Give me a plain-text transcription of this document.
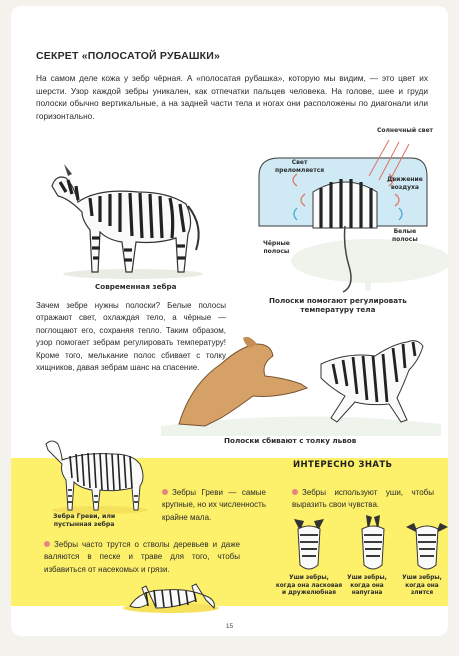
СЕКРЕТ «ПОЛОСАТОЙ РУБАШКИ»
На самом деле кожа у зебр чёрная. А «полосатая рубашка», которую мы видим, — это цвет их шерсти. Узор каждой зебры уникален, как отпечатки пальцев человека. На голове, шее и груди полоски обычно вертикальные, а на задней части тела и ногах они расположены по диагонали или горизонтально.
Современная зебра
Солнечный свет
Свет
преломляется
Движение
воздуха
Белые
полосы
Чёрные
полосы
Полоски помогают регулировать
температуру тела
Зачем зебре нужны полоски? Белые полосы отражают свет, охлаждая тело, а чёрные — поглощают его, сохраняя тепло. Таким образом, узор помогает зебрам регулировать температуру! Кроме того, мелькание полос сбивает с толку хищников, давая зебрам шанс на спасение.
Полоски сбивают с толку львов
ИНТЕРЕСНО ЗНАТЬ
Зебра Греви, или
пустынная зебра
Зебры Греви — самые крупные, но их численность крайне мала.
Зебры часто трутся о стволы деревьев и даже валяются в песке и траве для того, чтобы избавиться от насекомых и грязи.
Зебры используют уши, чтобы выразить свои чувства.
Уши зебры,
когда она ласковая
и дружелюбная
Уши зебры,
когда она
напугана
Уши зебры,
когда она
злится
15
